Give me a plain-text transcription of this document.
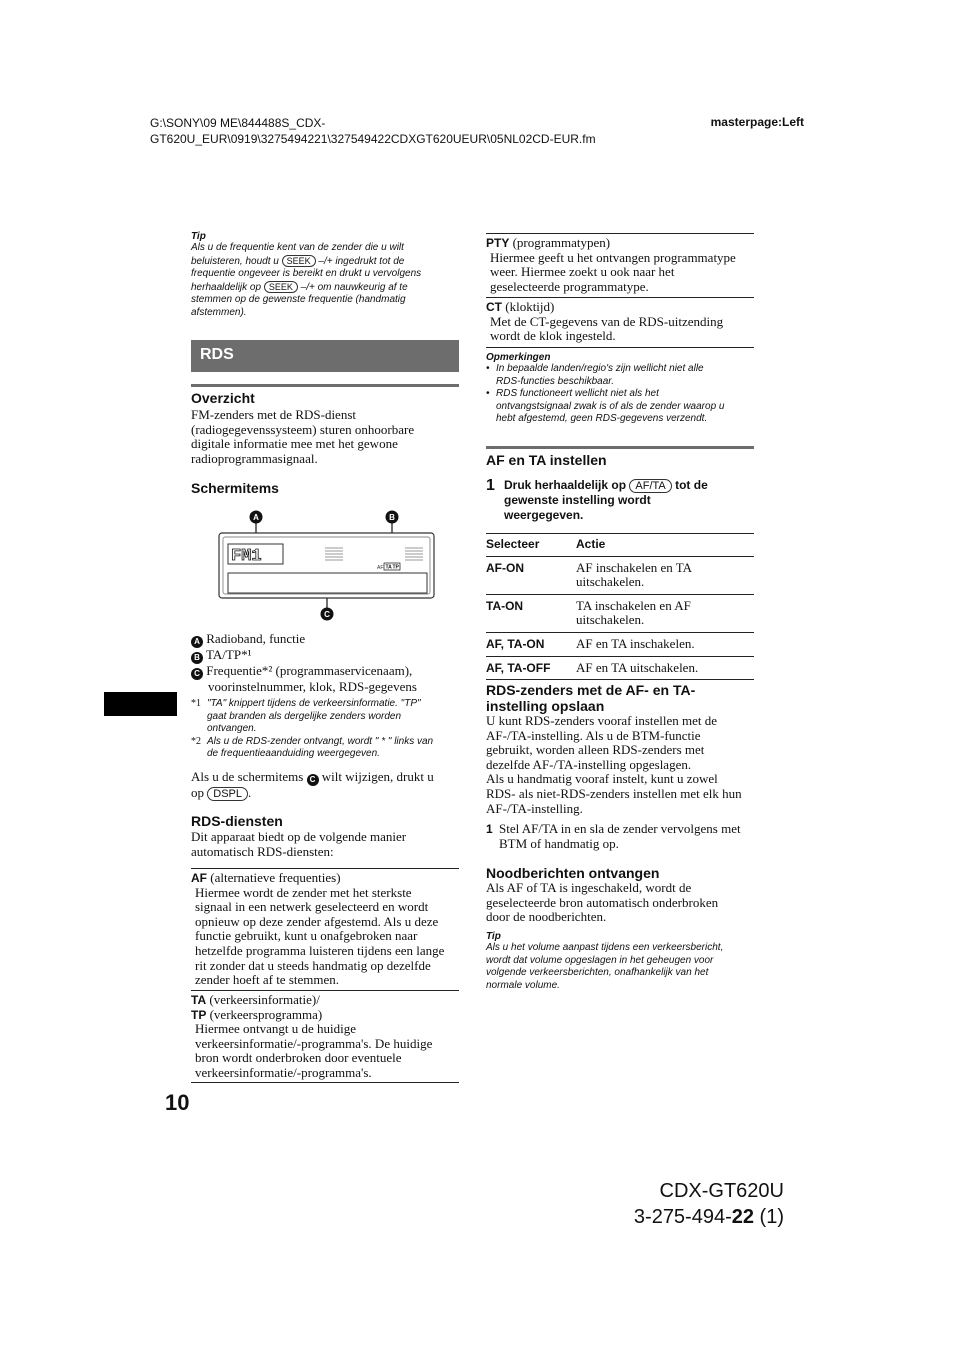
G:\SONY\09 ME\844488S_CDX-
GT620U_EUR\0919\3275494221\327549422CDXGT620UEUR\05NL02CD-EUR.fm
masterpage:Left
Tip
Als u de frequentie kent van de zender die u wilt
beluisteren, houdt u SEEK –/+ ingedrukt tot de
frequentie ongeveer is bereikt en drukt u vervolgens
herhaaldelijk op SEEK –/+ om nauwkeurig af te
stemmen op de gewenste frequentie (handmatig
afstemmen).
RDS
Overzicht
FM-zenders met de RDS-dienst
(radiogegevenssysteem) sturen onhoorbare
digitale informatie mee met het gewone
radioprogrammasignaal.
Schermitems
FM1
AF TA TP
A	B
C
A Radioband, functie
B TA/TP*¹
C Frequentie*² (programmaservicenaam),
voorinstelnummer, klok, RDS-gegevens
*1 "TA" knippert tijdens de verkeersinformatie. "TP"
gaat branden als dergelijke zenders worden
ontvangen.
*2 Als u de RDS-zender ontvangt, wordt " * " links van
de frequentieaanduiding weergegeven.
Als u de schermitems C wilt wijzigen, drukt u
op DSPL .
RDS-diensten
Dit apparaat biedt op de volgende manier
automatisch RDS-diensten:
AF (alternatieve frequenties)
Hiermee wordt de zender met het sterkste
signaal in een netwerk geselecteerd en wordt
opnieuw op deze zender afgestemd. Als u deze
functie gebruikt, kunt u onafgebroken naar
hetzelfde programma luisteren tijdens een lange
rit zonder dat u steeds handmatig op dezelfde
zender hoeft af te stemmen.
TA (verkeersinformatie)/
TP (verkeersprogramma)
Hiermee ontvangt u de huidige
verkeersinformatie/-programma's. De huidige
bron wordt onderbroken door eventuele
verkeersinformatie/-programma's.
PTY (programmatypen)
Hiermee geeft u het ontvangen programmatype
weer. Hiermee zoekt u ook naar het
geselecteerde programmatype.
CT (kloktijd)
Met de CT-gegevens van de RDS-uitzending
wordt de klok ingesteld.
Opmerkingen
• In bepaalde landen/regio's zijn wellicht niet alle
RDS-functies beschikbaar.
• RDS functioneert wellicht niet als het
ontvangstsignaal zwak is of als de zender waarop u
hebt afgestemd, geen RDS-gegevens verzendt.
AF en TA instellen
1 Druk herhaaldelijk op AF/TA tot de
gewenste instelling wordt
weergegeven.
Selecteer	Actie
AF-ON	AF inschakelen en TA uitschakelen.
TA-ON	TA inschakelen en AF uitschakelen.
AF, TA-ON	AF en TA inschakelen.
AF, TA-OFF	AF en TA uitschakelen.
RDS-zenders met de AF- en TA-
instelling opslaan
U kunt RDS-zenders vooraf instellen met de
AF-/TA-instelling. Als u de BTM-functie
gebruikt, worden alleen RDS-zenders met
dezelfde AF-/TA-instelling opgeslagen.
Als u handmatig vooraf instelt, kunt u zowel
RDS- als niet-RDS-zenders instellen met elk hun
AF-/TA-instelling.
1 Stel AF/TA in en sla de zender vervolgens met
BTM of handmatig op.
Noodberichten ontvangen
Als AF of TA is ingeschakeld, wordt de
geselecteerde bron automatisch onderbroken
door de noodberichten.
Tip
Als u het volume aanpast tijdens een verkeersbericht,
wordt dat volume opgeslagen in het geheugen voor
volgende verkeersberichten, onafhankelijk van het
normale volume.
10
CDX-GT620U
3-275-494-22 (1)
